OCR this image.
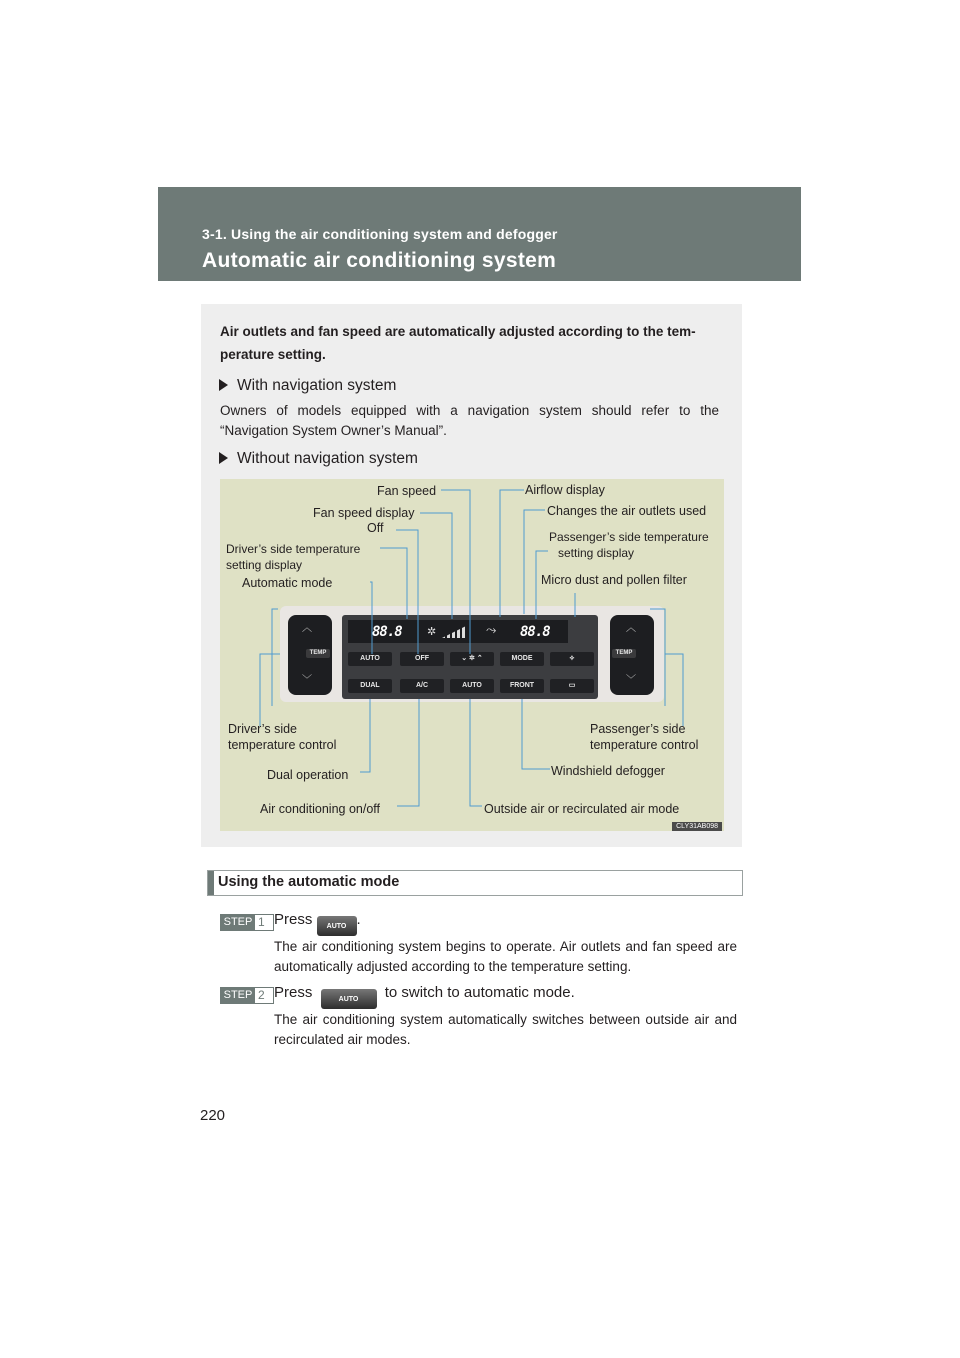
3-1. Using the air conditioning system and defogger
Automatic air conditioning system
Air outlets and fan speed are automatically adjusted according to the tem-perature setting.
With navigation system
Owners of models equipped with a navigation system should refer to the “Navigation System Owner’s Manual”.
Without navigation system
88.8	88.8
✲	⤳
AUTO	OFF	⌄ ✲ ⌃	MODE	⟡
DUAL	A/C	AUTO	FRONT	▭
︿
﹀
TEMP
︿
﹀
TEMP
Fan speed	Airflow display
Fan speed display
Off
Changes the air outlets used
Passenger’s side temperature
setting display
Driver’s side temperature
setting display
Automatic mode	Micro dust and pollen filter
Driver’s side
temperature control
Passenger’s side
temperature control
Dual operation	Windshield defogger
Air conditioning on/off	Outside air or recirculated air mode
CLY31AB098
Using the automatic mode
STEP 1 Press AUTO .
The air conditioning system begins to operate. Air outlets and fan speed are automatically adjusted according to the temperature setting.
STEP 2 Press	AUTO to switch to automatic mode.
The air conditioning system automatically switches between outside air and recirculated air modes.
220
